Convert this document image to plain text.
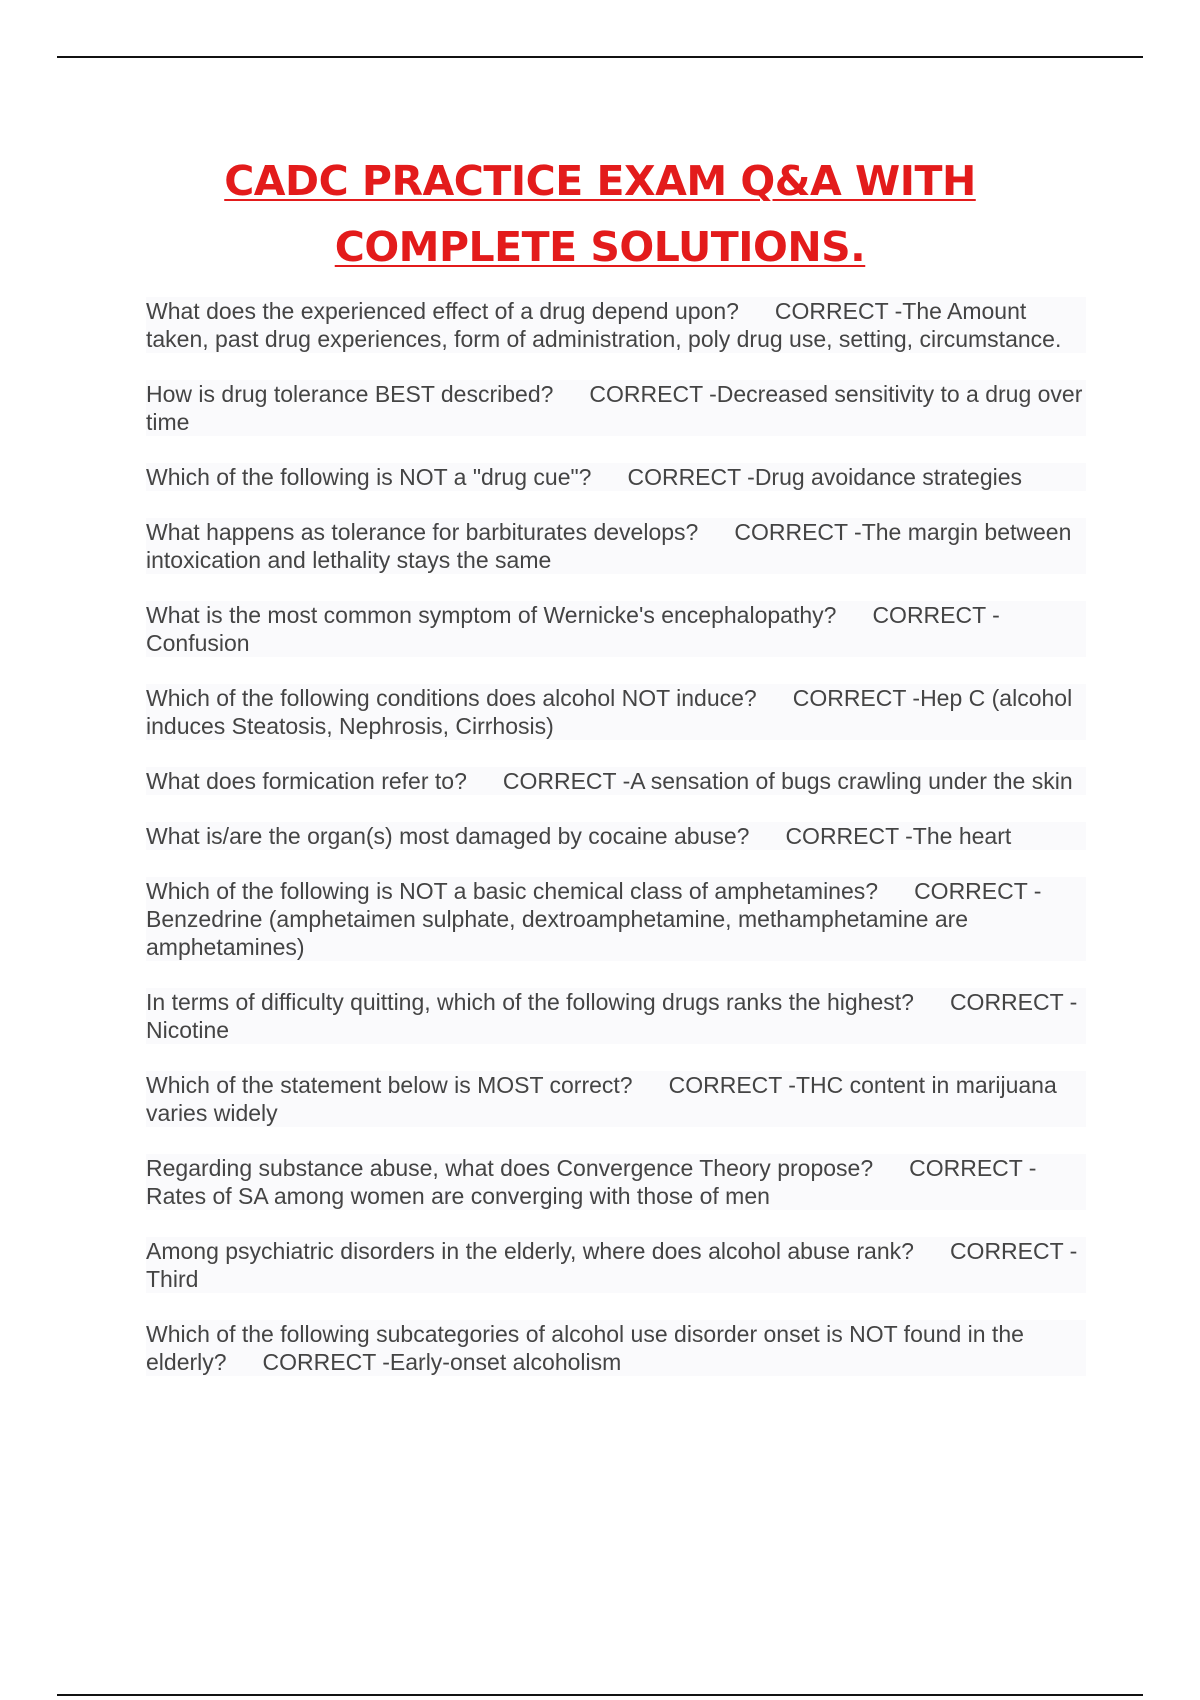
CADC PRACTICE EXAM Q&A WITH
COMPLETE SOLUTIONS.

What does the experienced effect of a drug depend upon? CORRECT -The Amount taken, past drug experiences, form of administration, poly drug use, setting, circumstance.

How is drug tolerance BEST described? CORRECT -Decreased sensitivity to a drug over time

Which of the following is NOT a "drug cue"? CORRECT -Drug avoidance strategies

What happens as tolerance for barbiturates develops? CORRECT -The margin between intoxication and lethality stays the same

What is the most common symptom of Wernicke's encephalopathy? CORRECT -Confusion

Which of the following conditions does alcohol NOT induce? CORRECT -Hep C (alcohol induces Steatosis, Nephrosis, Cirrhosis)

What does formication refer to? CORRECT -A sensation of bugs crawling under the skin

What is/are the organ(s) most damaged by cocaine abuse? CORRECT -The heart

Which of the following is NOT a basic chemical class of amphetamines? CORRECT -Benzedrine (amphetaimen sulphate, dextroamphetamine, methamphetamine are amphetamines)

In terms of difficulty quitting, which of the following drugs ranks the highest? CORRECT -Nicotine

Which of the statement below is MOST correct? CORRECT -THC content in marijuana varies widely

Regarding substance abuse, what does Convergence Theory propose? CORRECT -Rates of SA among women are converging with those of men

Among psychiatric disorders in the elderly, where does alcohol abuse rank? CORRECT -Third

Which of the following subcategories of alcohol use disorder onset is NOT found in the elderly? CORRECT -Early-onset alcoholism
